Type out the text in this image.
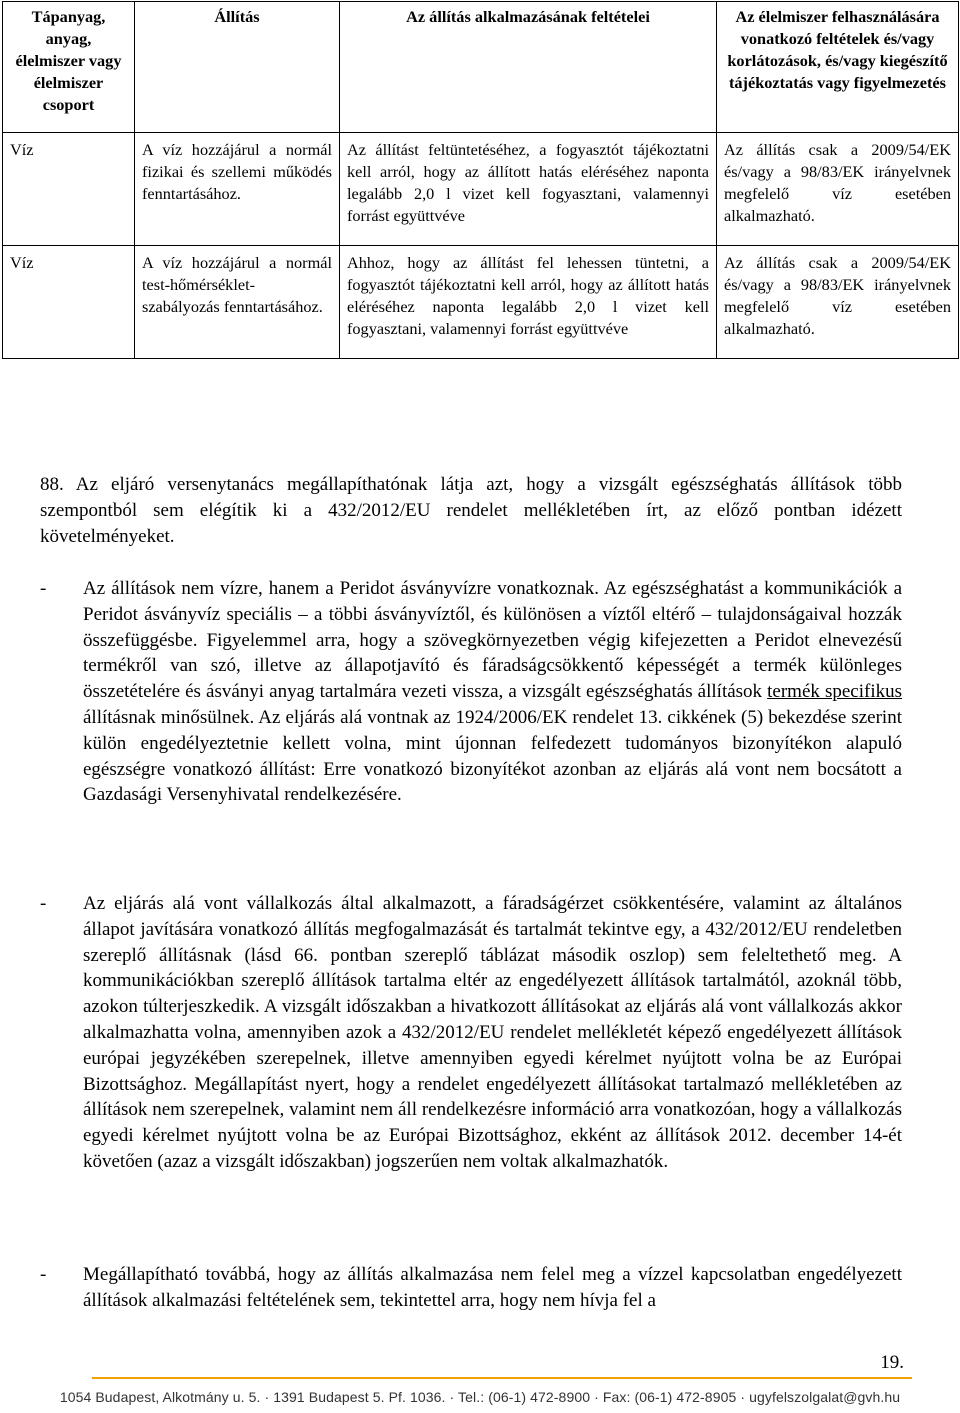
Tápanyag, anyag, élelmiszer vagy élelmiszer csoport	Állítás	Az állítás alkalmazásának feltételei	Az élelmiszer felhasználására vonatkozó feltételek és/vagy korlátozások, és/vagy kiegészítő tájékoztatás vagy figyelmezetés
Víz	A víz hozzájárul a normál fizikai és szellemi működés fenntartásához.	Az állítást feltüntetéséhez, a fogyasztót tájékoztatni kell arról, hogy az állított hatás eléréséhez naponta legalább 2,0 l vizet kell fogyasztani, valamennyi forrást együttvéve	Az állítás csak a 2009/54/EK és/vagy a 98/83/EK irányelvnek megfelelő víz esetében alkalmazható.
Víz	A víz hozzájárul a normál test-hőmérséklet-szabályozás fenntartásához.	Ahhoz, hogy az állítást fel lehessen tüntetni, a fogyasztót tájékoztatni kell arról, hogy az állított hatás eléréséhez naponta legalább 2,0 l vizet kell fogyasztani, valamennyi forrást együttvéve	Az állítás csak a 2009/54/EK és/vagy a 98/83/EK irányelvnek megfelelő víz esetében alkalmazható.
88. Az eljáró versenytanács megállapíthatónak látja azt, hogy a vizsgált egészséghatás állítások több szempontból sem elégítik ki a 432/2012/EU rendelet mellékletében írt, az előző pontban idézett követelményeket.
- Az állítások nem vízre, hanem a Peridot ásványvízre vonatkoznak. Az egészséghatást a kommunikációk a Peridot ásványvíz speciális – a többi ásványvíztől, és különösen a víztől eltérő – tulajdonságaival hozzák összefüggésbe. Figyelemmel arra, hogy a szövegkörnyezetben végig kifejezetten a Peridot elnevezésű termékről van szó, illetve az állapotjavító és fáradságcsökkentő képességét a termék különleges összetételére és ásványi anyag tartalmára vezeti vissza, a vizsgált egészséghatás állítások termék specifikus állításnak minősülnek. Az eljárás alá vontnak az 1924/2006/EK rendelet 13. cikkének (5) bekezdése szerint külön engedélyeztetnie kellett volna, mint újonnan felfedezett tudományos bizonyítékon alapuló egészségre vonatkozó állítást: Erre vonatkozó bizonyítékot azonban az eljárás alá vont nem bocsátott a Gazdasági Versenyhivatal rendelkezésére.
- Az eljárás alá vont vállalkozás által alkalmazott, a fáradságérzet csökkentésére, valamint az általános állapot javítására vonatkozó állítás megfogalmazását és tartalmát tekintve egy, a 432/2012/EU rendeletben szereplő állításnak (lásd 66. pontban szereplő táblázat második oszlop) sem feleltethető meg. A kommunikációkban szereplő állítások tartalma eltér az engedélyezett állítások tartalmától, azoknál több, azokon túlterjeszkedik. A vizsgált időszakban a hivatkozott állításokat az eljárás alá vont vállalkozás akkor alkalmazhatta volna, amennyiben azok a 432/2012/EU rendelet mellékletét képező engedélyezett állítások európai jegyzékében szerepelnek, illetve amennyiben egyedi kérelmet nyújtott volna be az Európai Bizottsághoz. Megállapítást nyert, hogy a rendelet engedélyezett állításokat tartalmazó mellékletében az állítások nem szerepelnek, valamint nem áll rendelkezésre információ arra vonatkozóan, hogy a vállalkozás egyedi kérelmet nyújtott volna be az Európai Bizottsághoz, ekként az állítások 2012. december 14-ét követően (azaz a vizsgált időszakban) jogszerűen nem voltak alkalmazhatók.
- Megállapítható továbbá, hogy az állítás alkalmazása nem felel meg a vízzel kapcsolatban engedélyezett állítások alkalmazási feltételének sem, tekintettel arra, hogy nem hívja fel a
19.
1054 Budapest, Alkotmány u. 5. · 1391 Budapest 5. Pf. 1036. · Tel.: (06-1) 472-8900 · Fax: (06-1) 472-8905 · ugyfelszolgalat@gvh.hu
